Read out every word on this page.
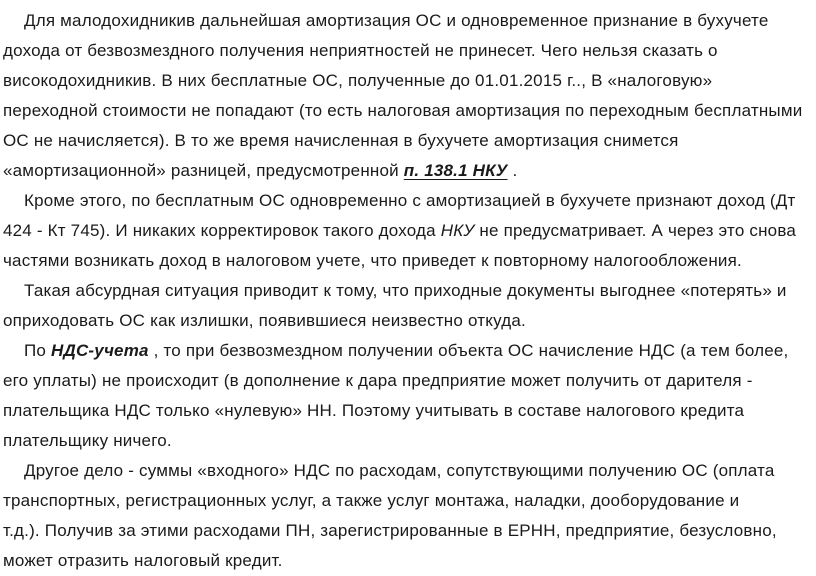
Для малодохидникив дальнейшая амортизация ОС и одновременное признание в бухучете
дохода от безвозмездного получения неприятностей не принесет. Чего нельзя сказать о
високодохидникив. В них бесплатные ОС, полученные до 01.01.2015 г.., В «налоговую»
переходной стоимости не попадают (то есть налоговая амортизация по переходным бесплатными
ОС не начисляется). В то же время начисленная в бухучете амортизация снимется
«амортизационной» разницей, предусмотренной п. 138.1 НКУ .
Кроме этого, по бесплатным ОС одновременно с амортизацией в бухучете признают доход (Дт
424 - Кт 745). И никаких корректировок такого дохода НКУ не предусматривает. А через это снова
частями возникать доход в налоговом учете, что приведет к повторному налогообложения.
Такая абсурдная ситуация приводит к тому, что приходные документы выгоднее «потерять» и
оприходовать ОС как излишки, появившиеся неизвестно откуда.
По НДС-учета , то при безвозмездном получении объекта ОС начисление НДС (а тем более,
его уплаты) не происходит (в дополнение к дара предприятие может получить от дарителя -
плательщика НДС только «нулевую» НН. Поэтому учитывать в составе налогового кредита
плательщику ничего.
Другое дело - суммы «входного» НДС по расходам, сопутствующими получению ОС (оплата
транспортных, регистрационных услуг, а также услуг монтажа, наладки, дооборудование и
т.д.). Получив за этими расходами ПН, зарегистрированные в ЕРНН, предприятие, безусловно,
может отразить налоговый кредит.
